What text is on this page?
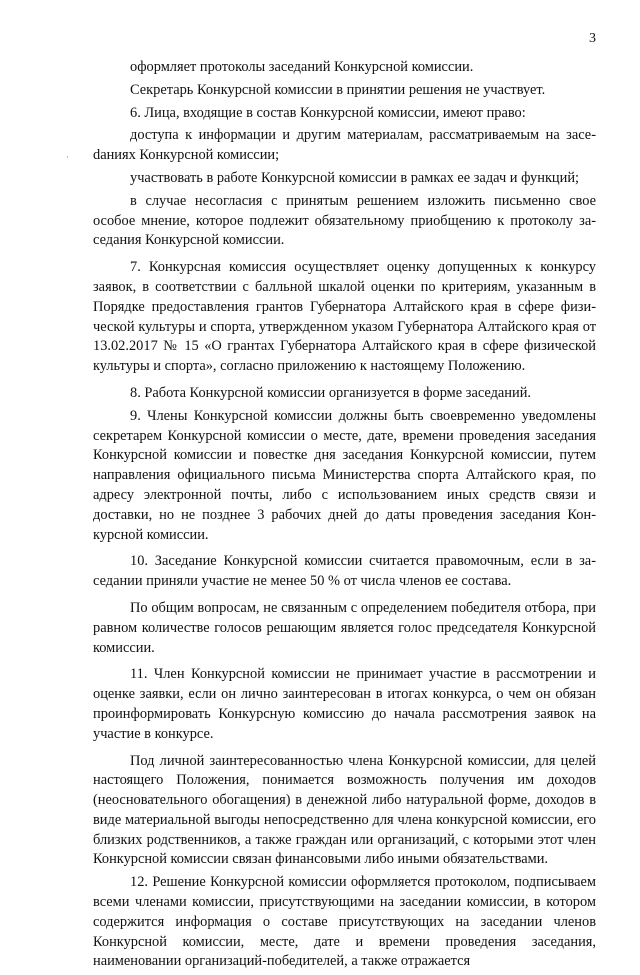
3
·

оформляет протоколы заседаний Конкурсной комиссии.

Секретарь Конкурсной комиссии в принятии решения не участвует.

6. Лица, входящие в состав Конкурсной комиссии, имеют право:

доступа к информации и другим материалам, рассматриваемым на засеdаниях Конкурсной комиссии;

участвовать в работе Конкурсной комиссии в рамках ее задач и функций;

в случае несогласия с принятым решением изложить письменно свое особое мнение, которое подлежит обязательному приобщению к протоколу заседания Конкурсной комиссии.

7. Конкурсная комиссия осуществляет оценку допущенных к конкурсу заявок, в соответствии с балльной шкалой оценки по критериям, указанным в Порядке предоставления грантов Губернатора Алтайского края в сфере физической культуры и спорта, утвержденном указом Губернатора Алтайского края от 13.02.2017 № 15 «О грантах Губернатора Алтайского края в сфере физической культуры и спорта», согласно приложению к настоящему Положению.

8. Работа Конкурсной комиссии организуется в форме заседаний.

9. Члены Конкурсной комиссии должны быть своевременно уведомлены секретарем Конкурсной комиссии о месте, дате, времени проведения заседания Конкурсной комиссии и повестке дня заседания Конкурсной комиссии, путем направления официального письма Министерства спорта Алтайского края, по адресу электронной почты, либо с использованием иных средств связи и доставки, но не позднее 3 рабочих дней до даты проведения заседания Конкурсной комиссии.

10. Заседание Конкурсной комиссии считается правомочным, если в заседании приняли участие не менее 50 % от числа членов ее состава.

По общим вопросам, не связанным с определением победителя отбора, при равном количестве голосов решающим является голос председателя Конкурсной комиссии.

11. Член Конкурсной комиссии не принимает участие в рассмотрении и оценке заявки, если он лично заинтересован в итогах конкурса, о чем он обязан проинформировать Конкурсную комиссию до начала рассмотрения заявок на участие в конкурсе.

Под личной заинтересованностью члена Конкурсной комиссии, для целей настоящего Положения, понимается возможность получения им доходов (неосновательного обогащения) в денежной либо натуральной форме, доходов в виде материальной выгоды непосредственно для члена конкурсной комиссии, его близких родственников, а также граждан или организаций, с которыми этот член Конкурсной комиссии связан финансовыми либо иными обязательствами.

12. Решение Конкурсной комиссии оформляется протоколом, подписываем всеми членами комиссии, присутствующими на заседании комиссии, в котором содержится информация о составе присутствующих на заседании членов Конкурсной комиссии, месте, дате и времени проведения заседания, наименовании организаций-победителей, а также отражается
